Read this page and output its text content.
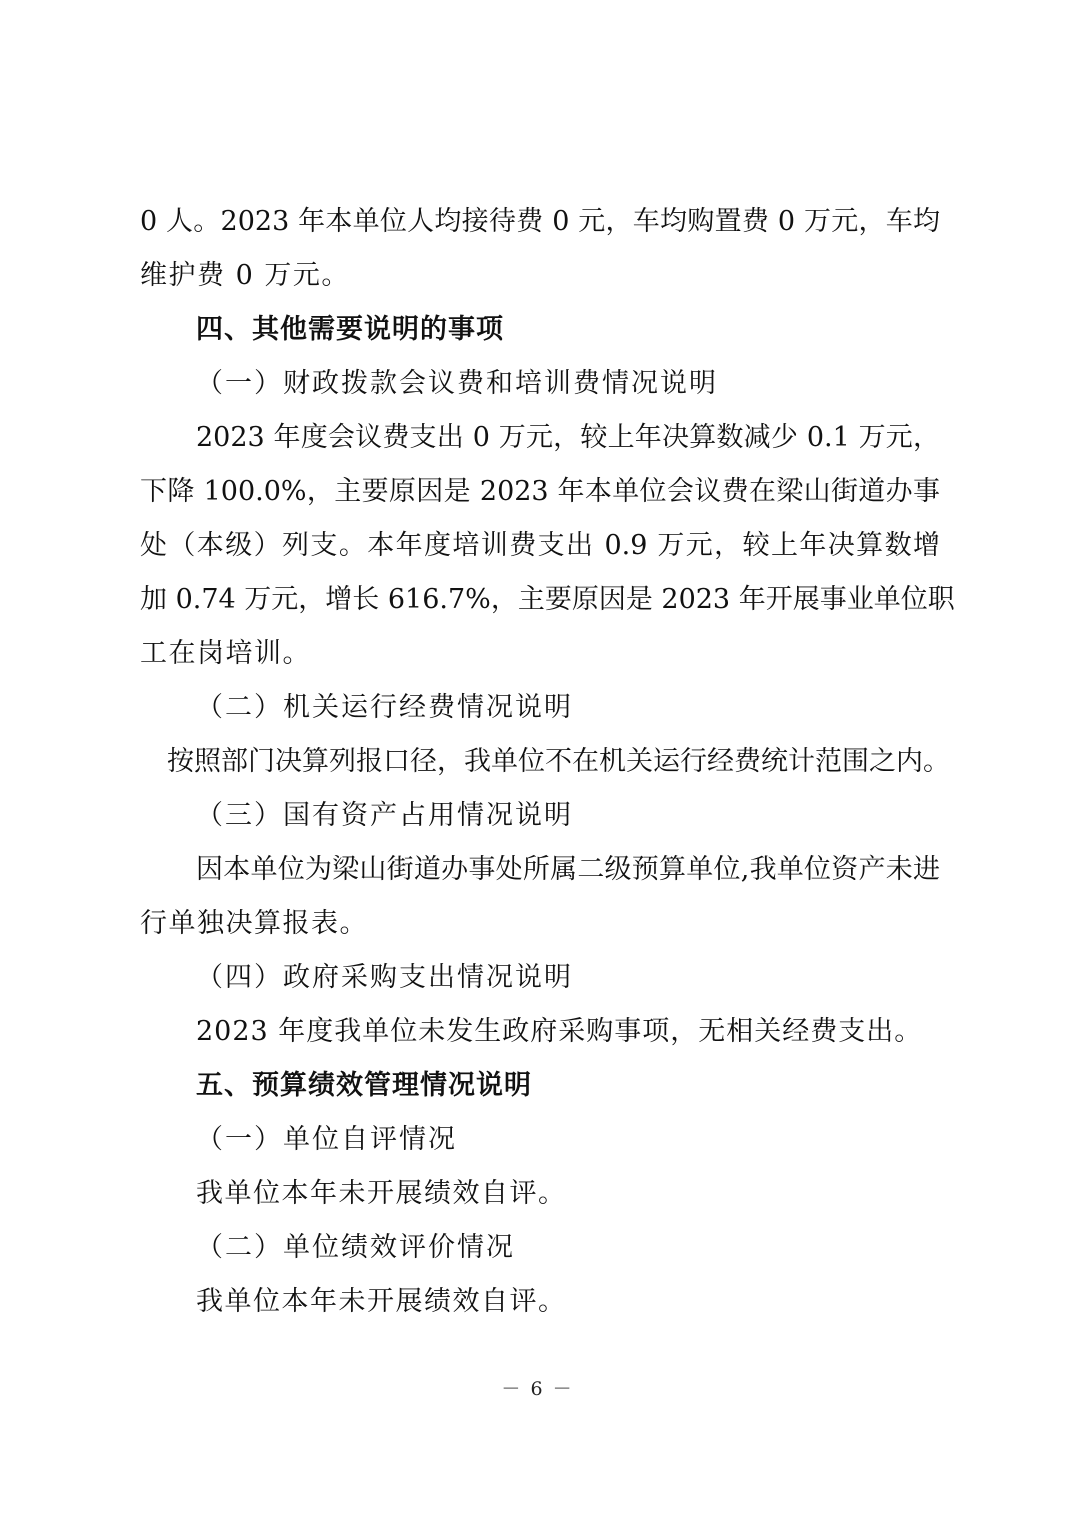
0 人。2023 年本单位人均接待费 0 元，车均购置费 0 万元，车均
维护费 0 万元。
四、其他需要说明的事项
（一）财政拨款会议费和培训费情况说明
2023 年度会议费支出 0 万元，较上年决算数减少 0.1 万元，
下降 100.0%，主要原因是 2023 年本单位会议费在梁山街道办事
处（本级）列支。本年度培训费支出 0.9 万元，较上年决算数增
加 0.74 万元，增长 616.7%，主要原因是 2023 年开展事业单位职
工在岗培训。
（二）机关运行经费情况说明
按照部门决算列报口径，我单位不在机关运行经费统计范围之内。
（三）国有资产占用情况说明
因本单位为梁山街道办事处所属二级预算单位,我单位资产未进
行单独决算报表。
（四）政府采购支出情况说明
2023 年度我单位未发生政府采购事项，无相关经费支出。
五、预算绩效管理情况说明
（一）单位自评情况
我单位本年未开展绩效自评。
（二）单位绩效评价情况
我单位本年未开展绩效自评。
－ 6 －
